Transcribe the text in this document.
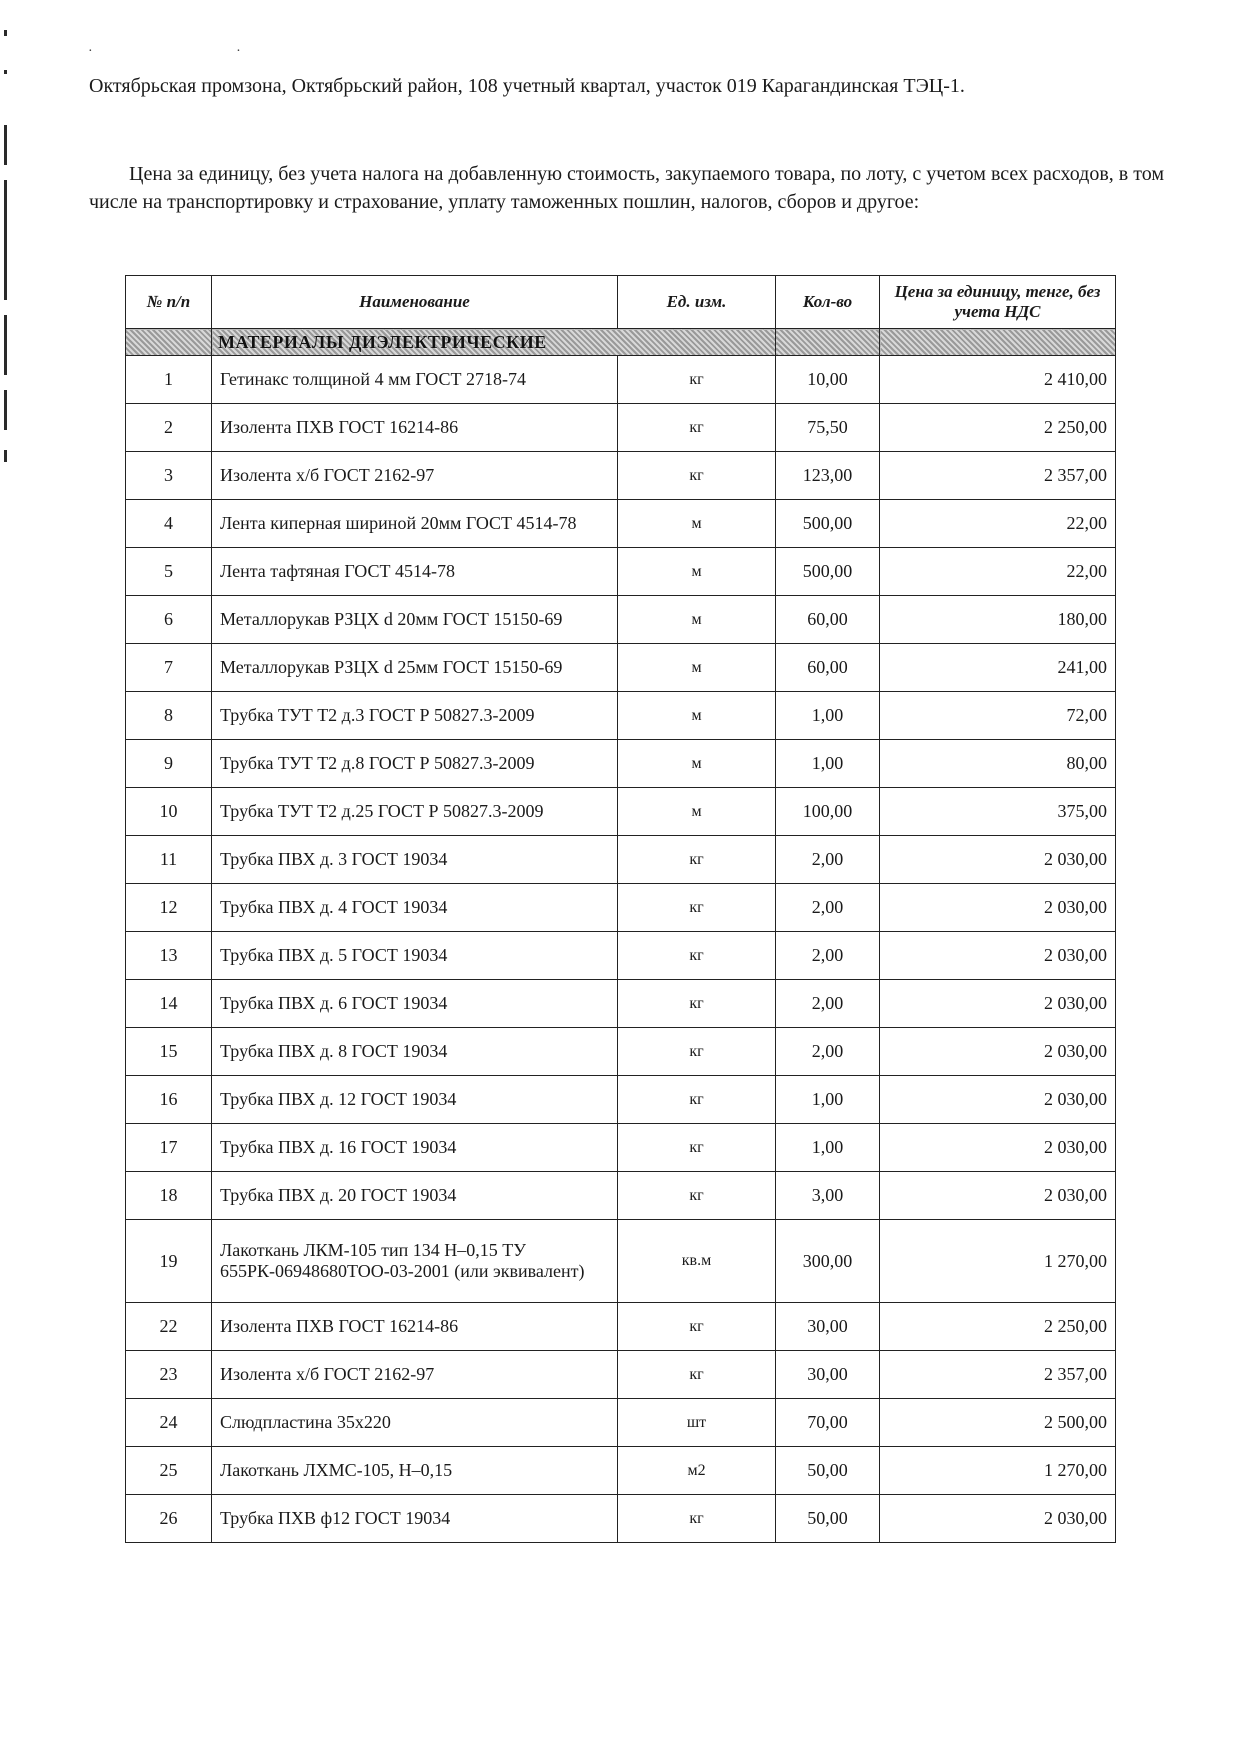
· ·
Октябрьская промзона, Октябрьский район, 108 учетный квартал, участок 019 Карагандинская ТЭЦ-1.
Цена за единицу, без учета налога на добавленную стоимость, закупаемого товара, по лоту, с учетом всех расходов, в том числе на транспортировку и страхование, уплату таможенных пошлин, налогов, сборов и другое:
№ п/п	Наименование	Ед. изм.	Кол-во	Цена за единицу, тенге, без учета НДС
	МАТЕРИАЛЫ ДИЭЛЕКТРИЧЕСКИЕ			
1	Гетинакс толщиной 4 мм ГОСТ 2718-74	кг	10,00	2 410,00
2	Изолента ПХВ ГОСТ 16214-86	кг	75,50	2 250,00
3	Изолента х/б ГОСТ 2162-97	кг	123,00	2 357,00
4	Лента киперная шириной 20мм ГОСТ 4514-78	м	500,00	22,00
5	Лента тафтяная ГОСТ 4514-78	м	500,00	22,00
6	Металлорукав РЗЦХ d 20мм ГОСТ 15150-69	м	60,00	180,00
7	Металлорукав РЗЦХ d 25мм ГОСТ 15150-69	м	60,00	241,00
8	Трубка ТУТ Т2 д.3 ГОСТ Р 50827.3-2009	м	1,00	72,00
9	Трубка ТУТ Т2 д.8 ГОСТ Р 50827.3-2009	м	1,00	80,00
10	Трубка ТУТ Т2 д.25 ГОСТ Р 50827.3-2009	м	100,00	375,00
11	Трубка ПВХ д. 3 ГОСТ 19034	кг	2,00	2 030,00
12	Трубка ПВХ д. 4 ГОСТ 19034	кг	2,00	2 030,00
13	Трубка ПВХ д. 5 ГОСТ 19034	кг	2,00	2 030,00
14	Трубка ПВХ д. 6 ГОСТ 19034	кг	2,00	2 030,00
15	Трубка ПВХ д. 8 ГОСТ 19034	кг	2,00	2 030,00
16	Трубка ПВХ д. 12 ГОСТ 19034	кг	1,00	2 030,00
17	Трубка ПВХ д. 16 ГОСТ 19034	кг	1,00	2 030,00
18	Трубка ПВХ д. 20 ГОСТ 19034	кг	3,00	2 030,00
19	Лакоткань ЛКМ-105 тип 134 Н–0,15 ТУ 655РК-06948680ТОО-03-2001 (или эквивалент)	кв.м	300,00	1 270,00
22	Изолента ПХВ ГОСТ 16214-86	кг	30,00	2 250,00
23	Изолента х/б ГОСТ 2162-97	кг	30,00	2 357,00
24	Слюдпластина 35х220	шт	70,00	2 500,00
25	Лакоткань ЛХМС-105, Н–0,15	м2	50,00	1 270,00
26	Трубка ПХВ ф12 ГОСТ 19034	кг	50,00	2 030,00
